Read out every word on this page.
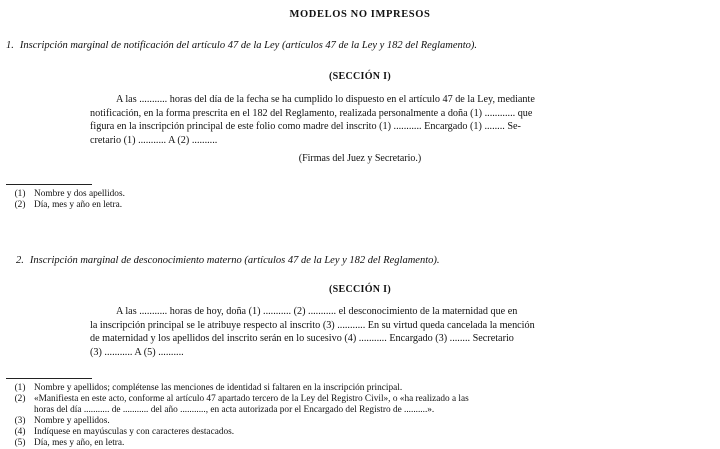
MODELOS NO IMPRESOS
1. Inscripción marginal de notificación del artículo 47 de la Ley (artículos 47 de la Ley y 182 del Reglamento).
(SECCIÓN I)
A las ........... horas del día de la fecha se ha cumplido lo dispuesto en el artículo 47 de la Ley, mediante
notificación, en la forma prescrita en el 182 del Reglamento, realizada personalmente a doña (1) ............ que
figura en la inscripción principal de este folio como madre del inscrito (1) ........... Encargado (1) ........ Se-
cretario (1) ........... A (2) ..........
(Firmas del Juez y Secretario.)
(1) Nombre y dos apellidos.
(2) Día, mes y año en letra.
2. Inscripción marginal de desconocimiento materno (artículos 47 de la Ley y 182 del Reglamento).
(SECCIÓN I)
A las ........... horas de hoy, doña (1) ........... (2) ........... el desconocimiento de la maternidad que en
la inscripción principal se le atribuye respecto al inscrito (3) ........... En su virtud queda cancelada la mención
de maternidad y los apellidos del inscrito serán en lo sucesivo (4) ........... Encargado (3) ........ Secretario
(3) ........... A (5) ..........
(1) Nombre y apellidos; complétense las menciones de identidad si faltaren en la inscripción principal.
(2) «Manifiesta en este acto, conforme al artículo 47 apartado tercero de la Ley del Registro Civil», o «ha realizado a las
horas del día ........... de ........... del año ..........., en acta autorizada por el Encargado del Registro de ..........».
(3) Nombre y apellidos.
(4) Indíquese en mayúsculas y con caracteres destacados.
(5) Día, mes y año, en letra.
